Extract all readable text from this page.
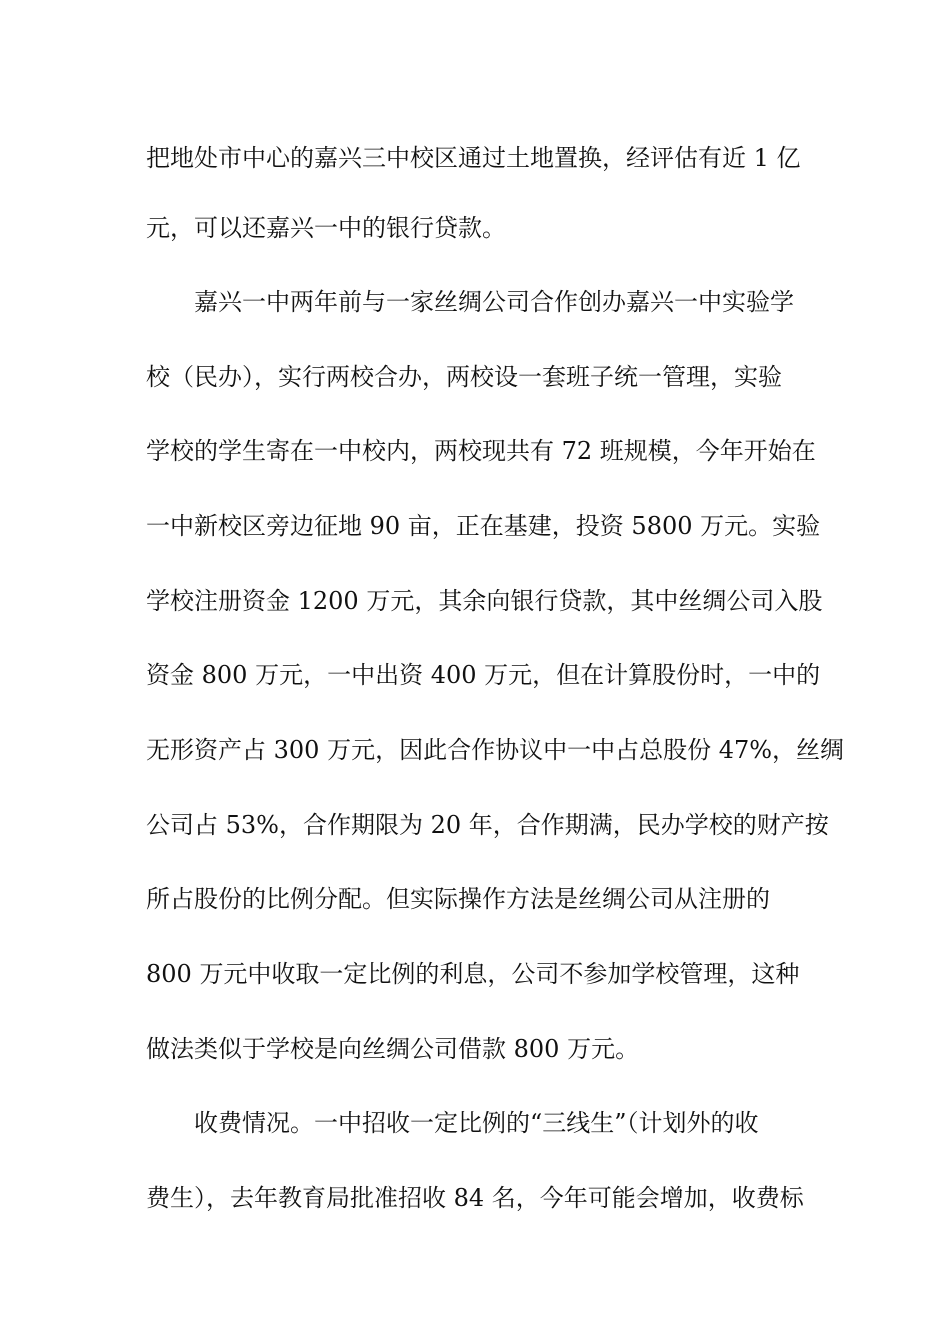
把地处市中心的嘉兴三中校区通过土地置换，经评估有近 1 亿
元，可以还嘉兴一中的银行贷款。
嘉兴一中两年前与一家丝绸公司合作创办嘉兴一中实验学
校（民办），实行两校合办，两校设一套班子统一管理，实验
学校的学生寄在一中校内，两校现共有 72 班规模，今年开始在
一中新校区旁边征地 90 亩，正在基建，投资 5800 万元。实验
学校注册资金 1200 万元，其余向银行贷款，其中丝绸公司入股
资金 800 万元，一中出资 400 万元，但在计算股份时，一中的
无形资产占 300 万元，因此合作协议中一中占总股份 47%，丝绸
公司占 53%，合作期限为 20 年，合作期满，民办学校的财产按
所占股份的比例分配。但实际操作方法是丝绸公司从注册的
800 万元中收取一定比例的利息，公司不参加学校管理，这种
做法类似于学校是向丝绸公司借款 800 万元。
收费情况。一中招收一定比例的“三线生”（计划外的收
费生），去年教育局批准招收 84 名，今年可能会增加，收费标
